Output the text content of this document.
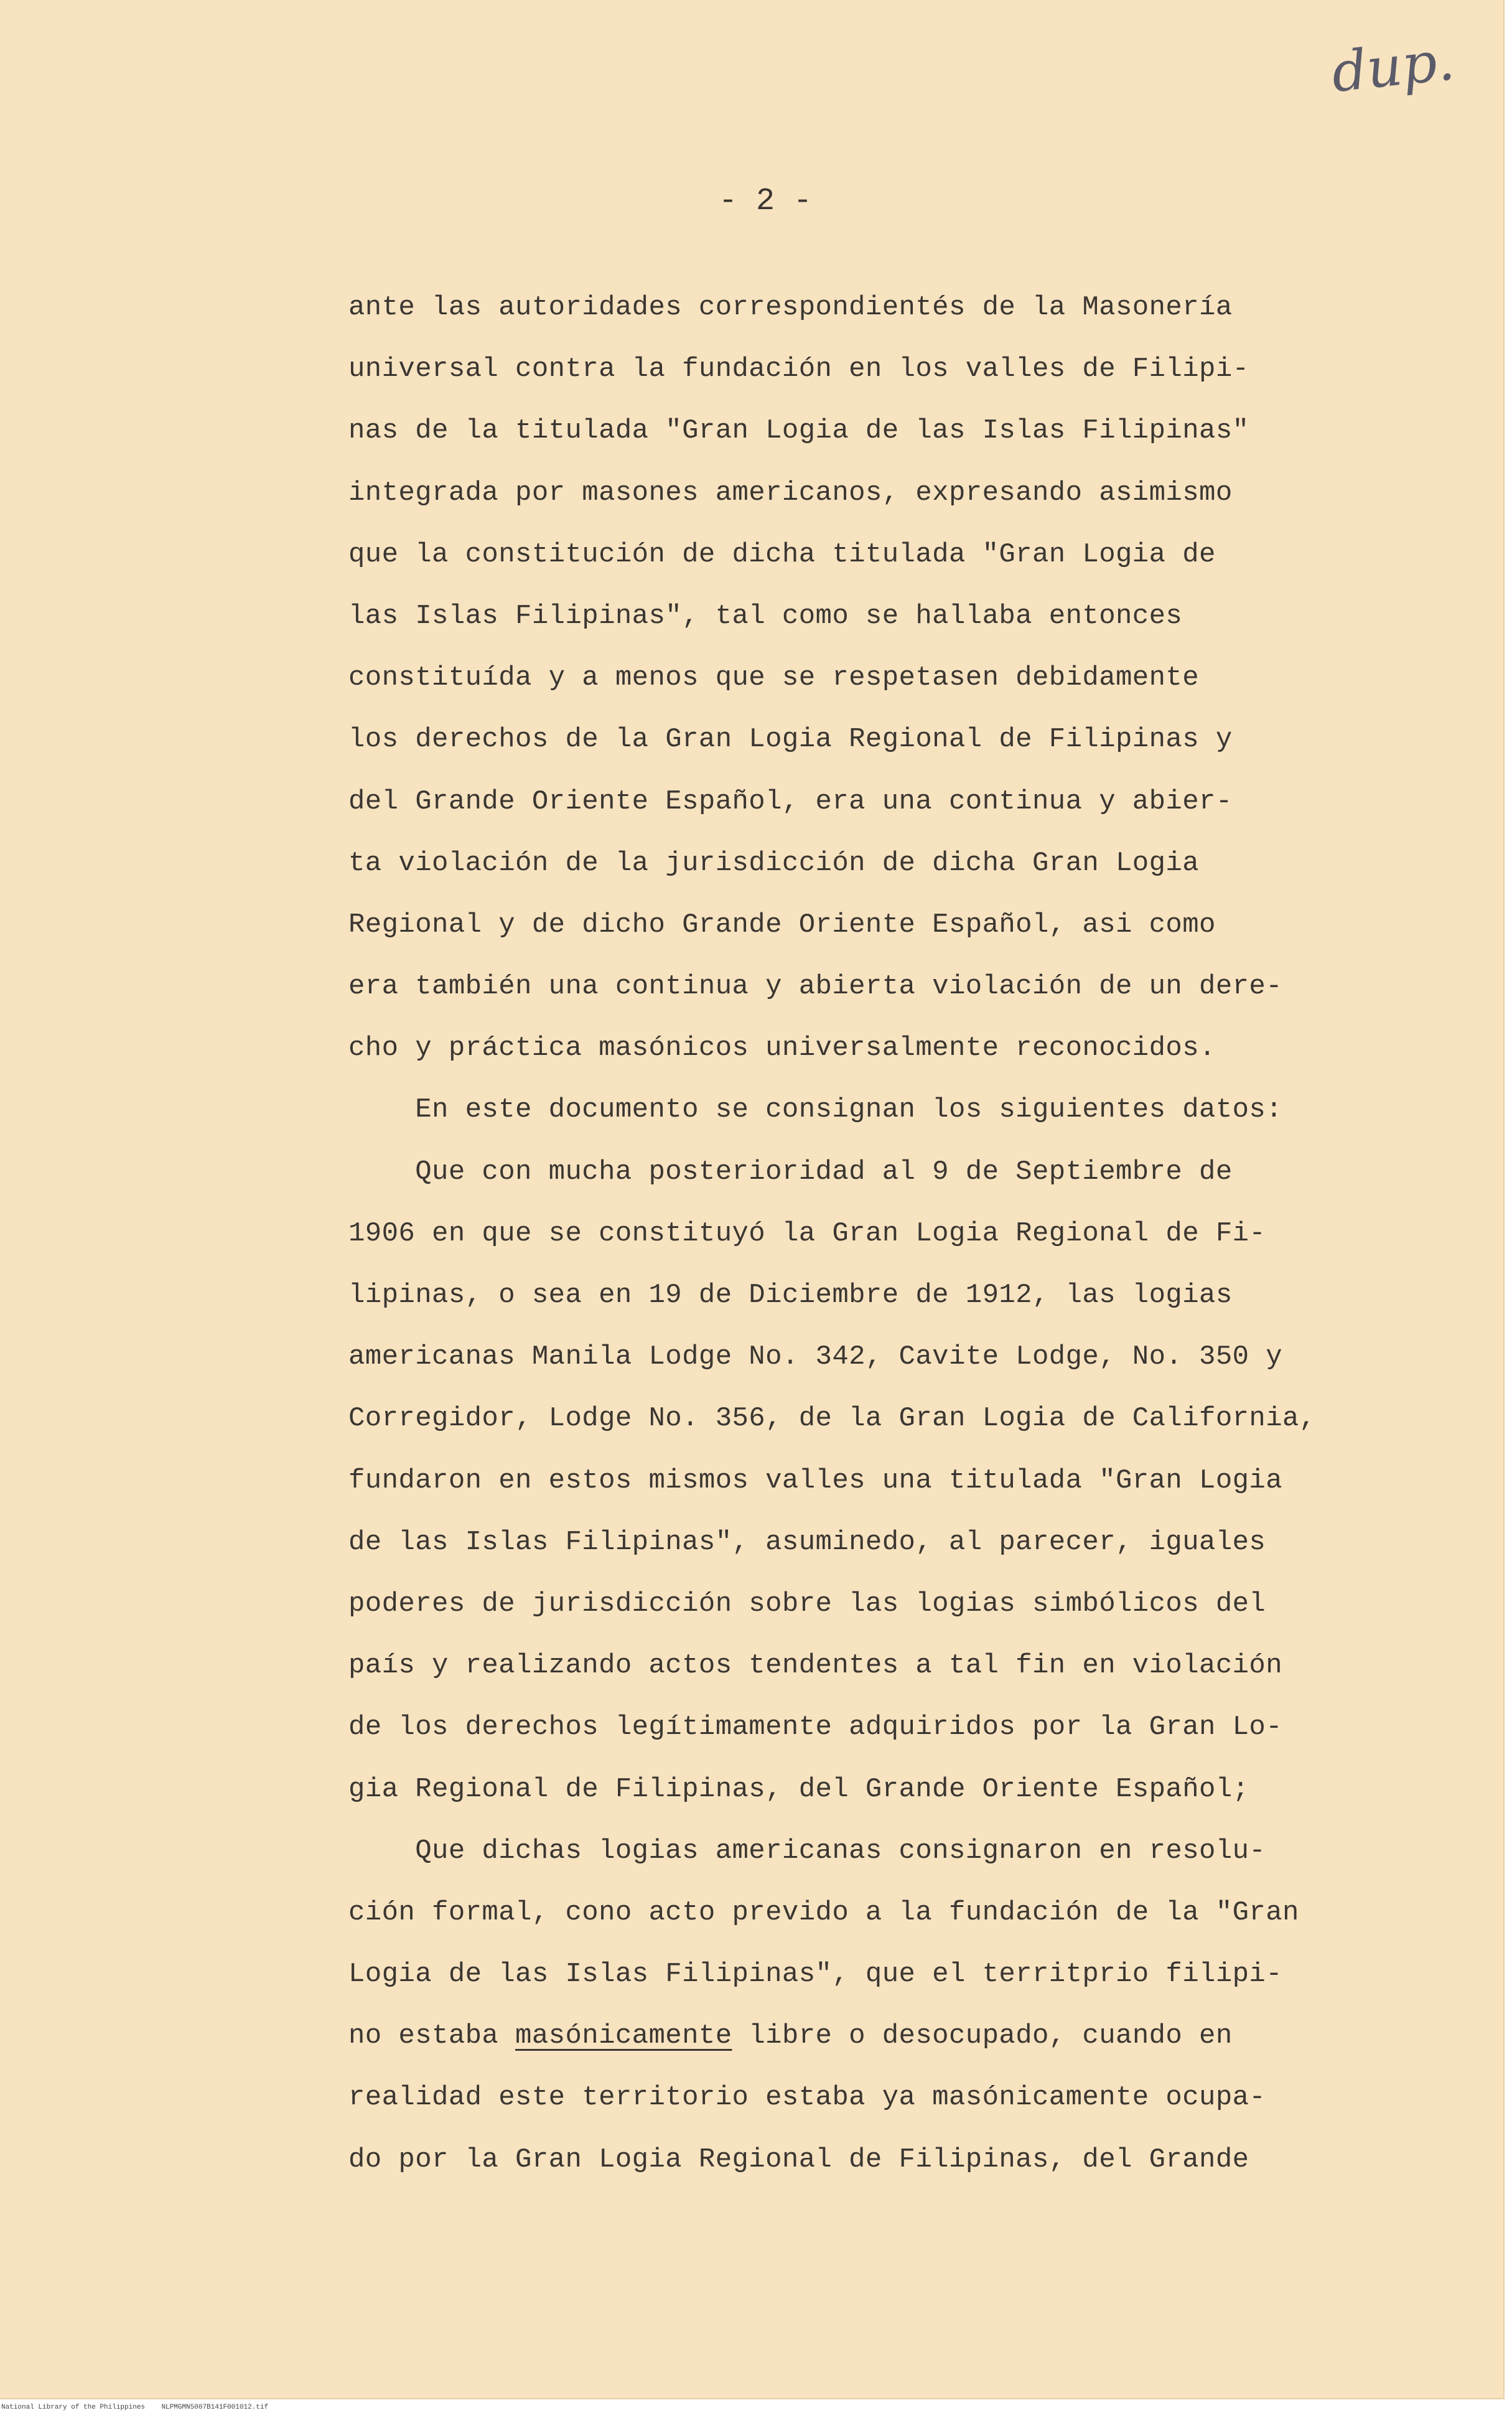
dup.
- 2 -
ante las autoridades correspondientés de la Masonería
universal contra la fundación en los valles de Filipi-
nas de la titulada "Gran Logia de las Islas Filipinas"
integrada por masones americanos, expresando asimismo
que la constitución de dicha titulada "Gran Logia de
las Islas Filipinas", tal como se hallaba entonces
constituída y a menos que se respetasen debidamente
los derechos de la Gran Logia Regional de Filipinas y
del Grande Oriente Español, era una continua y abier-
ta violación de la jurisdicción de dicha Gran Logia
Regional y de dicho Grande Oriente Español, asi como
era también una continua y abierta violación de un dere-
cho y práctica masónicos universalmente reconocidos.
En este documento se consignan los siguientes datos:
Que con mucha posterioridad al 9 de Septiembre de
1906 en que se constituyó la Gran Logia Regional de Fi-
lipinas, o sea en 19 de Diciembre de 1912, las logias
americanas Manila Lodge No. 342, Cavite Lodge, No. 350 y
Corregidor, Lodge No. 356, de la Gran Logia de California,
fundaron en estos mismos valles una titulada "Gran Logia
de las Islas Filipinas", asuminedo, al parecer, iguales
poderes de jurisdicción sobre las logias simbólicos del
país y realizando actos tendentes a tal fin en violación
de los derechos legítimamente adquiridos por la Gran Lo-
gia Regional de Filipinas, del Grande Oriente Español;
Que dichas logias americanas consignaron en resolu-
ción formal, cono acto prevido a la fundación de la "Gran
Logia de las Islas Filipinas", que el territprio filipi-
no estaba masónicamente libre o desocupado, cuando en
realidad este territorio estaba ya masónicamente ocupa-
do por la Gran Logia Regional de Filipinas, del Grande
National Library of the Philippines    NLPMGMN5007B141F001012.tif
